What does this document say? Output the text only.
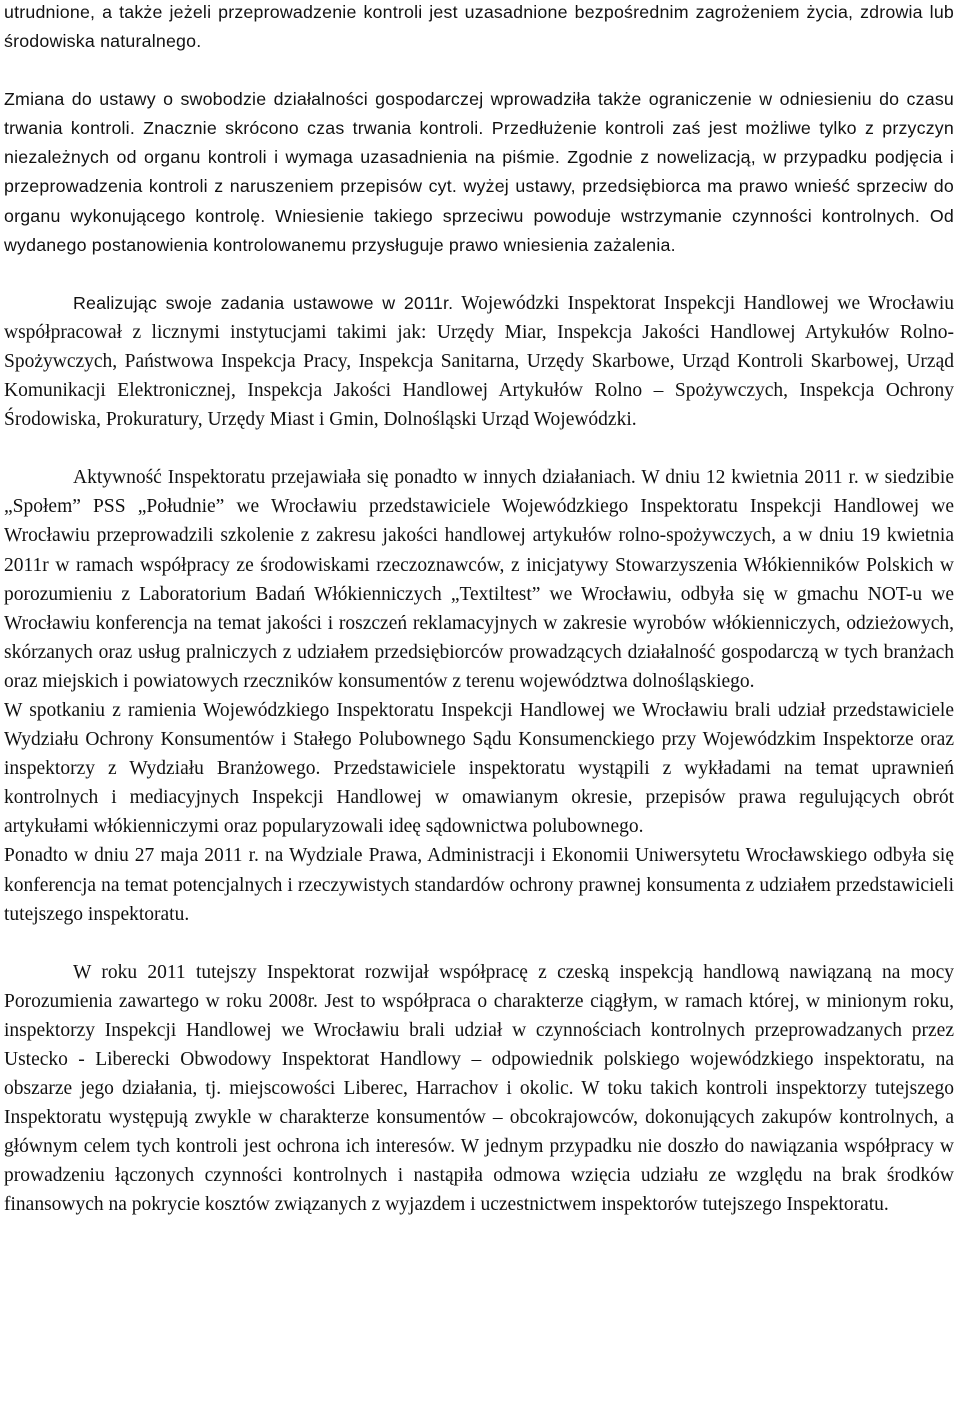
utrudnione, a także jeżeli przeprowadzenie kontroli jest uzasadnione bezpośrednim zagrożeniem życia, zdrowia lub środowiska naturalnego.

Zmiana do ustawy o swobodzie działalności gospodarczej wprowadziła także ograniczenie w odniesieniu do czasu trwania kontroli. Znacznie skrócono czas trwania kontroli. Przedłużenie kontroli zaś jest możliwe tylko z przyczyn niezależnych od organu kontroli i wymaga uzasadnienia na piśmie. Zgodnie z nowelizacją, w przypadku podjęcia i przeprowadzenia kontroli z naruszeniem przepisów cyt. wyżej ustawy, przedsiębiorca ma prawo wnieść sprzeciw do organu wykonującego kontrolę. Wniesienie takiego sprzeciwu powoduje wstrzymanie czynności kontrolnych. Od wydanego postanowienia kontrolowanemu przysługuje prawo wniesienia zażalenia.

Realizując swoje zadania ustawowe w 2011r. Wojewódzki Inspektorat Inspekcji Handlowej we Wrocławiu współpracował z licznymi instytucjami takimi jak: Urzędy Miar, Inspekcja Jakości Handlowej Artykułów Rolno-Spożywczych, Państwowa Inspekcja Pracy, Inspekcja Sanitarna, Urzędy Skarbowe, Urząd Kontroli Skarbowej, Urząd Komunikacji Elektronicznej, Inspekcja Jakości Handlowej Artykułów Rolno – Spożywczych, Inspekcja Ochrony Środowiska, Prokuratury, Urzędy Miast i Gmin, Dolnośląski Urząd Wojewódzki.

Aktywność Inspektoratu przejawiała się ponadto w innych działaniach. W dniu 12 kwietnia 2011 r. w siedzibie „Społem” PSS „Południe” we Wrocławiu przedstawiciele Wojewódzkiego Inspektoratu Inspekcji Handlowej we Wrocławiu przeprowadzili szkolenie z zakresu jakości handlowej artykułów rolno-spożywczych, a w dniu 19 kwietnia 2011r w ramach współpracy ze środowiskami rzeczoznawców, z inicjatywy Stowarzyszenia Włókienników Polskich w porozumieniu z Laboratorium Badań Włókienniczych „Textiltest” we Wrocławiu, odbyła się w gmachu NOT-u we Wrocławiu konferencja na temat jakości i roszczeń reklamacyjnych w zakresie wyrobów włókienniczych, odzieżowych, skórzanych oraz usług pralniczych z udziałem przedsiębiorców prowadzących działalność gospodarczą w tych branżach oraz miejskich i powiatowych rzeczników konsumentów z terenu województwa dolnośląskiego.

W spotkaniu z ramienia Wojewódzkiego Inspektoratu Inspekcji Handlowej we Wrocławiu brali udział przedstawiciele Wydziału Ochrony Konsumentów i Stałego Polubownego Sądu Konsumenckiego przy Wojewódzkim Inspektorze oraz inspektorzy z Wydziału Branżowego. Przedstawiciele inspektoratu wystąpili z wykładami na temat uprawnień kontrolnych i mediacyjnych Inspekcji Handlowej w omawianym okresie, przepisów prawa regulujących obrót artykułami włókienniczymi oraz popularyzowali ideę sądownictwa polubownego.

Ponadto w dniu 27 maja 2011 r. na Wydziale Prawa, Administracji i Ekonomii Uniwersytetu Wrocławskiego odbyła się konferencja na temat potencjalnych i rzeczywistych standardów ochrony prawnej konsumenta z udziałem przedstawicieli tutejszego inspektoratu.

W roku 2011 tutejszy Inspektorat rozwijał współpracę z czeską inspekcją handlową nawiązaną na mocy Porozumienia zawartego w roku 2008r. Jest to współpraca o charakterze ciągłym, w ramach której, w minionym roku, inspektorzy Inspekcji Handlowej we Wrocławiu brali udział w czynnościach kontrolnych przeprowadzanych przez Ustecko - Liberecki Obwodowy Inspektorat Handlowy – odpowiednik polskiego wojewódzkiego inspektoratu, na obszarze jego działania, tj. miejscowości Liberec, Harrachov i okolic. W toku takich kontroli inspektorzy tutejszego Inspektoratu występują zwykle w charakterze konsumentów – obcokrajowców, dokonujących zakupów kontrolnych, a głównym celem tych kontroli jest ochrona ich interesów. W jednym przypadku nie doszło do nawiązania współpracy w prowadzeniu łączonych czynności kontrolnych i nastąpiła odmowa wzięcia udziału ze względu na brak środków finansowych na pokrycie kosztów związanych z wyjazdem i uczestnictwem inspektorów tutejszego Inspektoratu.
